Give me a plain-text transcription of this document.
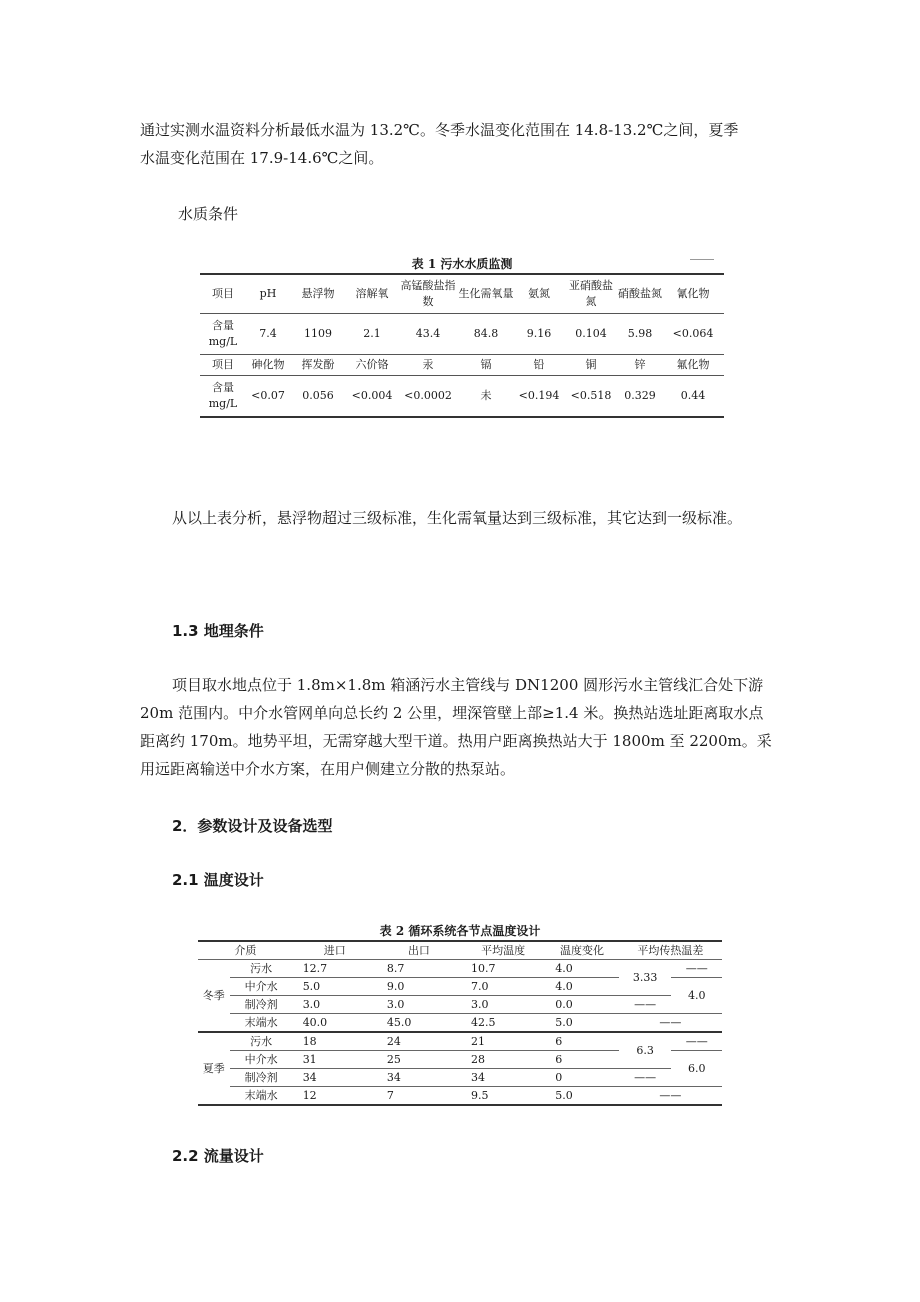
通过实测水温资料分析最低水温为 13.2℃。冬季水温变化范围在 14.8-13.2℃之间，夏季

水温变化范围在 17.9-14.6℃之间。

水质条件

表 1 污水水质监测
项目	pH	悬浮物	溶解氧	高锰酸盐指数	生化需氧量	氨氮	亚硝酸盐氮	硝酸盐氮	氰化物
含量 mg/L	7.4	1109	2.1	43.4	84.8	9.16	0.104	5.98	<0.064
项目	砷化物	挥发酚	六价铬	汞	镉	铅	铜	锌	氟化物
含量 mg/L	<0.07	0.056	<0.004	<0.0002	未	<0.194	<0.518	0.329	0.44

从以上表分析，悬浮物超过三级标准，生化需氧量达到三级标准，其它达到一级标准。

1.3 地理条件

项目取水地点位于 1.8m×1.8m 箱涵污水主管线与 DN1200 圆形污水主管线汇合处下游 20m 范围内。中介水管网单向总长约 2 公里，埋深管壁上部≥1.4 米。换热站选址距离取水点距离约 170m。地势平坦，无需穿越大型干道。热用户距离换热站大于 1800m 至 2200m。采用远距离输送中介水方案，在用户侧建立分散的热泵站。

2．参数设计及设备选型

2.1 温度设计

表 2 循环系统各节点温度设计
介质		进口	出口	平均温度	温度变化	平均传热温差	
冬季	污水	12.7	8.7	10.7	4.0	3.33	——
	中介水	5.0	9.0	7.0	4.0		4.0
	制冷剂	3.0	3.0	3.0	0.0	——	
	末端水	40.0	45.0	42.5	5.0	——	
夏季	污水	18	24	21	6	6.3	——
	中介水	31	25	28	6		6.0
	制冷剂	34	34	34	0	——	
	末端水	12	7	9.5	5.0	——	

2.2 流量设计
